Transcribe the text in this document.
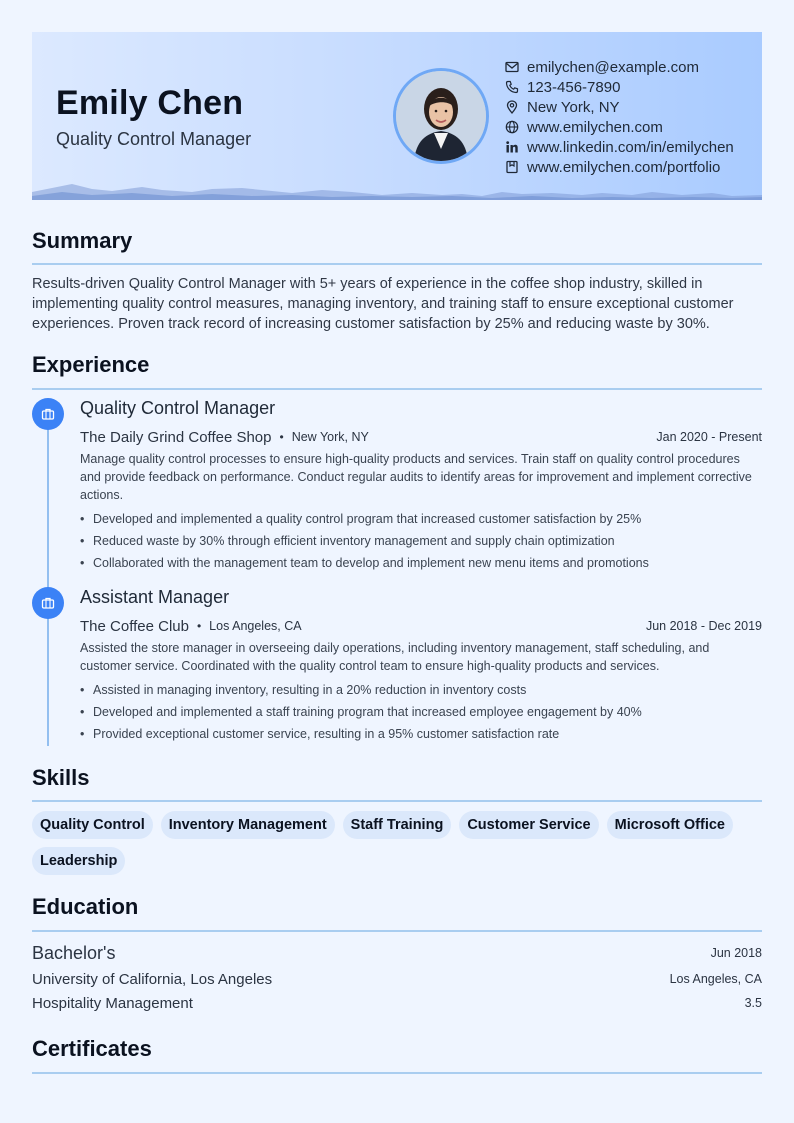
Emily Chen
Quality Control Manager
emilychen@example.com
123-456-7890
New York, NY
www.emilychen.com
www.linkedin.com/in/emilychen
www.emilychen.com/portfolio
Summary
Results-driven Quality Control Manager with 5+ years of experience in the coffee shop industry, skilled in implementing quality control measures, managing inventory, and training staff to ensure exceptional customer experiences. Proven track record of increasing customer satisfaction by 25% and reducing waste by 30%.
Experience
Quality Control Manager
The Daily Grind Coffee Shop • New York, NY	Jan 2020 - Present
Manage quality control processes to ensure high-quality products and services. Train staff on quality control procedures and provide feedback on performance. Conduct regular audits to identify areas for improvement and implement corrective actions.
• Developed and implemented a quality control program that increased customer satisfaction by 25%
• Reduced waste by 30% through efficient inventory management and supply chain optimization
• Collaborated with the management team to develop and implement new menu items and promotions
Assistant Manager
The Coffee Club • Los Angeles, CA	Jun 2018 - Dec 2019
Assisted the store manager in overseeing daily operations, including inventory management, staff scheduling, and customer service. Coordinated with the quality control team to ensure high-quality products and services.
• Assisted in managing inventory, resulting in a 20% reduction in inventory costs
• Developed and implemented a staff training program that increased employee engagement by 40%
• Provided exceptional customer service, resulting in a 95% customer satisfaction rate
Skills
Quality Control	Inventory Management	Staff Training	Customer Service	Microsoft Office
Leadership
Education
Bachelor's	Jun 2018
University of California, Los Angeles	Los Angeles, CA
Hospitality Management	3.5
Certificates
